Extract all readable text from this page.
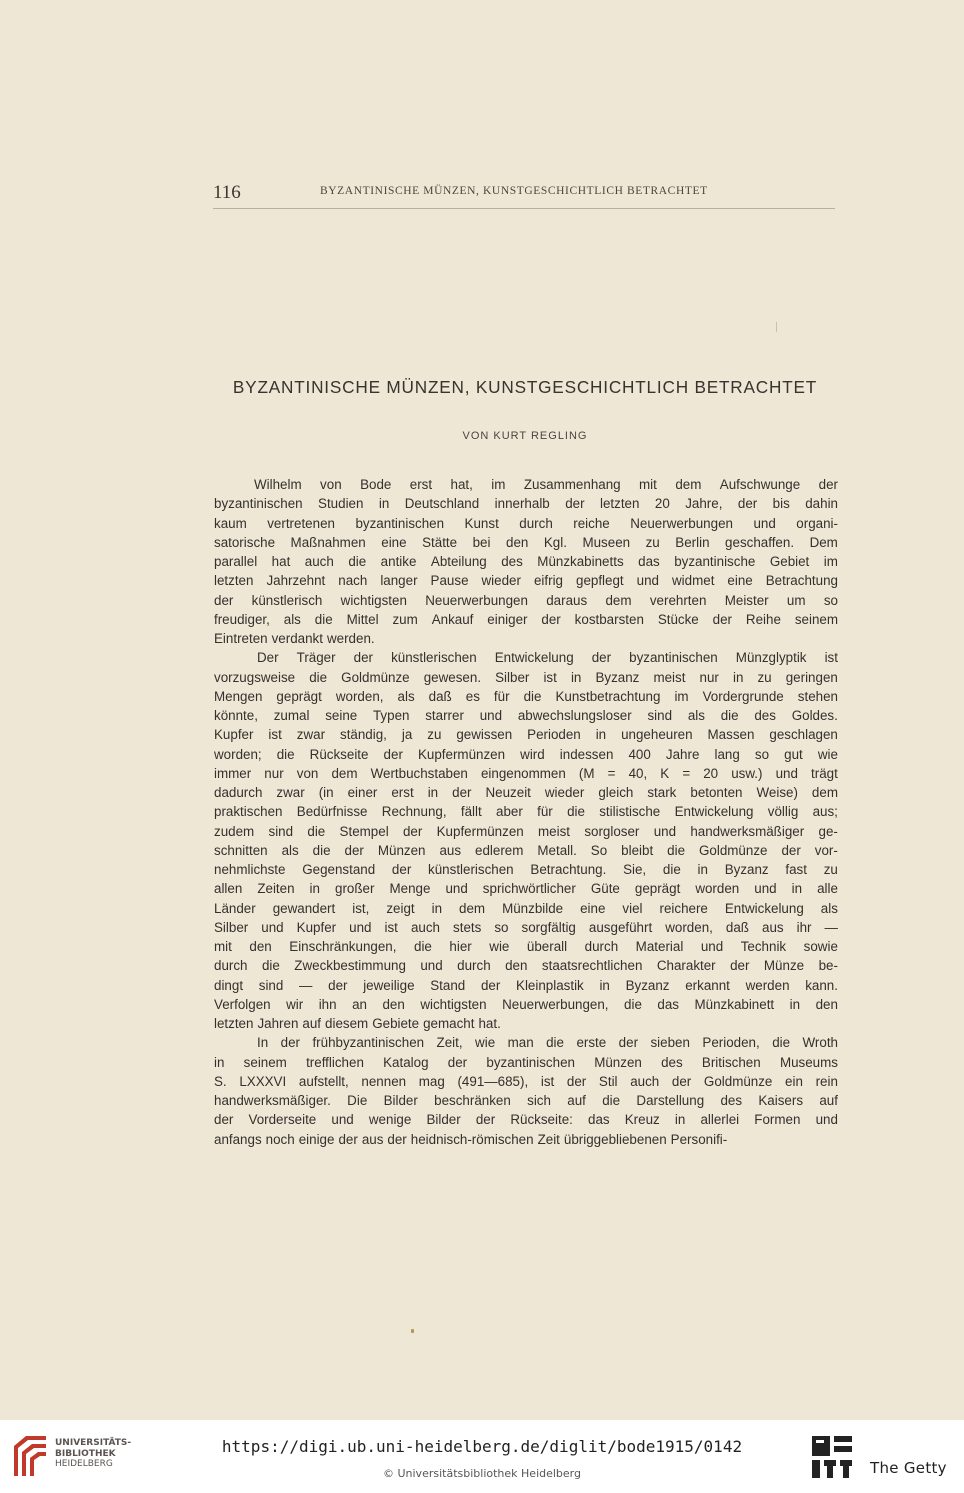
116	BYZANTINISCHE MÜNZEN, KUNSTGESCHICHTLICH BETRACHTET
BYZANTINISCHE MÜNZEN, KUNSTGESCHICHTLICH BETRACHTET
VON KURT REGLING
Wilhelm von Bode erst hat, im Zusammenhang mit dem Aufschwunge der
byzantinischen Studien in Deutschland innerhalb der letzten 20 Jahre, der bis dahin
kaum vertretenen byzantinischen Kunst durch reiche Neuerwerbungen und organi-
satorische Maßnahmen eine Stätte bei den Kgl. Museen zu Berlin geschaffen. Dem
parallel hat auch die antike Abteilung des Münzkabinetts das byzantinische Gebiet im
letzten Jahrzehnt nach langer Pause wieder eifrig gepflegt und widmet eine Betrachtung
der künstlerisch wichtigsten Neuerwerbungen daraus dem verehrten Meister um so
freudiger, als die Mittel zum Ankauf einiger der kostbarsten Stücke der Reihe seinem
Eintreten verdankt werden.
Der Träger der künstlerischen Entwickelung der byzantinischen Münzglyptik ist
vorzugsweise die Goldmünze gewesen. Silber ist in Byzanz meist nur in zu geringen
Mengen geprägt worden, als daß es für die Kunstbetrachtung im Vordergrunde stehen
könnte, zumal seine Typen starrer und abwechslungsloser sind als die des Goldes.
Kupfer ist zwar ständig, ja zu gewissen Perioden in ungeheuren Massen geschlagen
worden; die Rückseite der Kupfermünzen wird indessen 400 Jahre lang so gut wie
immer nur von dem Wertbuchstaben eingenommen (M = 40, K = 20 usw.) und trägt
dadurch zwar (in einer erst in der Neuzeit wieder gleich stark betonten Weise) dem
praktischen Bedürfnisse Rechnung, fällt aber für die stilistische Entwickelung völlig aus;
zudem sind die Stempel der Kupfermünzen meist sorgloser und handwerksmäßiger ge-
schnitten als die der Münzen aus edlerem Metall. So bleibt die Goldmünze der vor-
nehmlichste Gegenstand der künstlerischen Betrachtung. Sie, die in Byzanz fast zu
allen Zeiten in großer Menge und sprichwörtlicher Güte geprägt worden und in alle
Länder gewandert ist, zeigt in dem Münzbilde eine viel reichere Entwickelung als
Silber und Kupfer und ist auch stets so sorgfältig ausgeführt worden, daß aus ihr —
mit den Einschränkungen, die hier wie überall durch Material und Technik sowie
durch die Zweckbestimmung und durch den staatsrechtlichen Charakter der Münze be-
dingt sind — der jeweilige Stand der Kleinplastik in Byzanz erkannt werden kann.
Verfolgen wir ihn an den wichtigsten Neuerwerbungen, die das Münzkabinett in den
letzten Jahren auf diesem Gebiete gemacht hat.
In der frühbyzantinischen Zeit, wie man die erste der sieben Perioden, die Wroth
in seinem trefflichen Katalog der byzantinischen Münzen des Britischen Museums
S. LXXXVI aufstellt, nennen mag (491—685), ist der Stil auch der Goldmünze ein rein
handwerksmäßiger. Die Bilder beschränken sich auf die Darstellung des Kaisers auf
der Vorderseite und wenige Bilder der Rückseite: das Kreuz in allerlei Formen und
anfangs noch einige der aus der heidnisch-römischen Zeit übriggebliebenen Personifi-
UNIVERSITÄTS-
BIBLIOTHEK
HEIDELBERG
https://digi.ub.uni-heidelberg.de/diglit/bode1915/0142
© Universitätsbibliothek Heidelberg	The Getty
